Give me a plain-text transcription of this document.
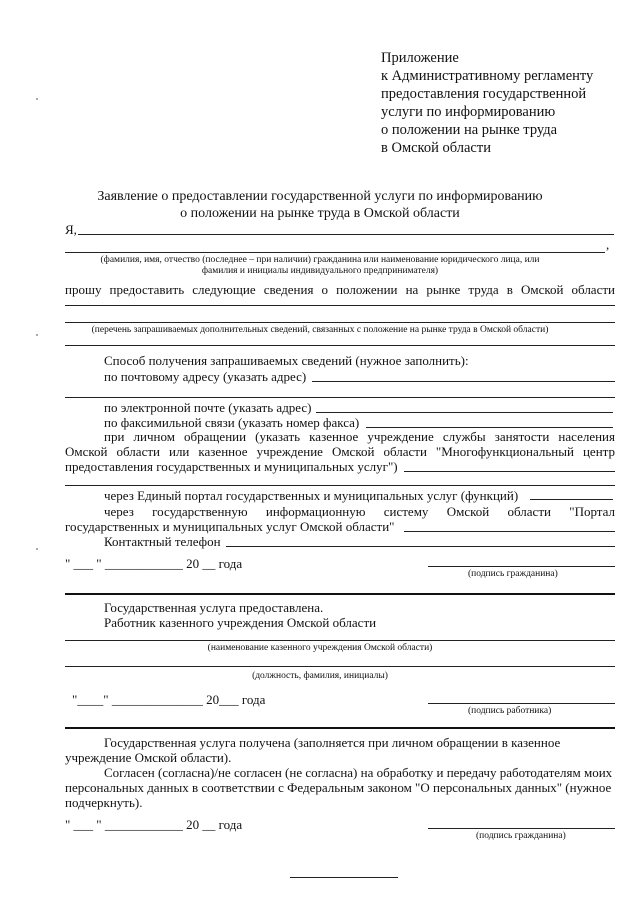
Приложение
к Административному регламенту
предоставления государственной
услуги по информированию
о положении на рынке труда
в Омской области
Заявление о предоставлении государственной услуги по информированию
о положении на рынке труда в Омской области
Я,
,
(фамилия, имя, отчество (последнее – при наличии) гражданина или наименование юридического лица, или
фамилия и инициалы индивидуального предпринимателя)
прошу предоставить следующие сведения о положении на рынке труда в Омской области
(перечень запрашиваемых дополнительных сведений, связанных с положение на рынке труда в Омской области)
Способ получения запрашиваемых сведений (нужное заполнить):
по почтовому адресу (указать адрес)
по электронной почте (указать адрес)
по факсимильной связи (указать номер факса)
при личном обращении (указать казенное учреждение службы занятости населения
Омской области или казенное учреждение Омской области "Многофункциональный центр
предоставления государственных и муниципальных услуг")
через Единый портал государственных и муниципальных услуг (функций)
через государственную информационную систему Омской области "Портал
государственных и муниципальных услуг Омской области"
Контактный телефон
" ___ " ____________ 20 __ года
(подпись гражданина)
Государственная услуга предоставлена.
Работник казенного учреждения Омской области
(наименование казенного учреждения Омской области)
(должность, фамилия, инициалы)
"____" ______________ 20___ года
(подпись работника)
Государственная услуга получена (заполняется при личном обращении в казенное учреждение Омской области).
Согласен (согласна)/не согласен (не согласна) на обработку и передачу работодателям моих персональных данных в соответствии с Федеральным законом "О персональных данных" (нужное подчеркнуть).
" ___ " ____________ 20 __ года
(подпись гражданина)
